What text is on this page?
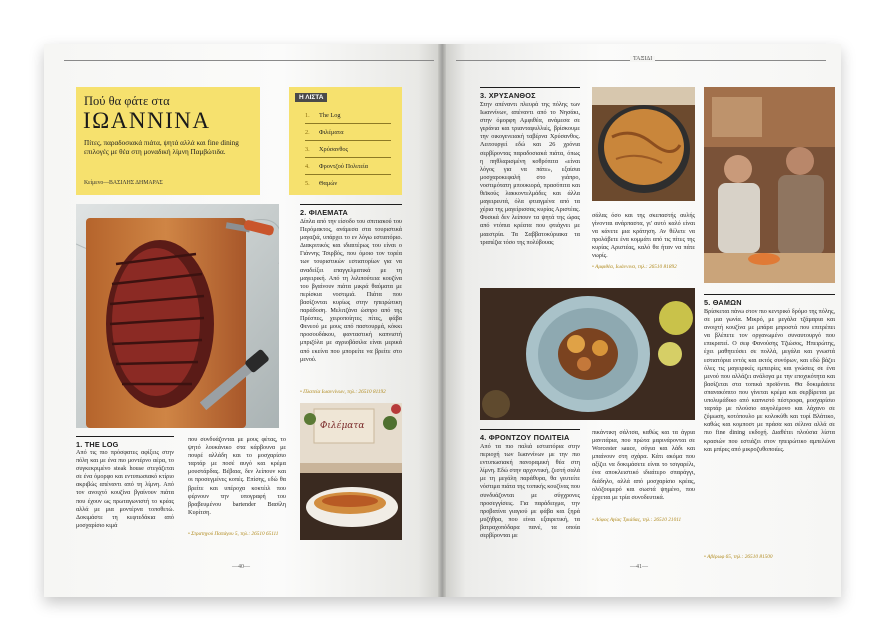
Πού θα φάτε στα
ΙΩΑΝΝΙΝΑ
Πίτες, παραδοσιακά πιάτα, ψητά αλλά και fine dining επιλογές με θέα στη μοναδική λίμνη Παμβώτιδα.
Κείμενο—ΒΑΣΙΛΗΣ ΔΗΜΑΡΑΣ
Η ΛΙΣΤΑ
1. The Log
2. Φιλέματα
3. Χρύσανθος
4. Φροντζού Πολιτεία
5. Θαμών
2. ΦΙΛΕΜΑΤΑ
Δίπλα από την είσοδο του σπιτιακού του Περόμακτος, ανάμεσα στα τουριστικά μαγαζιά, υπάρχει το εν λόγω εστιατόριο. Διακριτικός και ιδιαιτέρως του είναι ο Γιάννης Τσιρβός, που όμοιο τον τορέα των τουριστικών εστιατορίων για να αναδείξει επαγγελματικά με τη μαγειρική. Από τη λιλιπούτεια κουζίνα του βγαίνουν πιάτα μικρά θαύματα με περίσκια νοστιμιά. Πιάτα που βασίζονται κυρίως στην ηπειρώτικη παράδοση. Μελιτζάνα ώσπρο από της Πρέσπες, χειροποίητες πίτες, φάβα Φενεού με μους από παστουρμά, κόκκι προσουδάκου, φανταστική καπνιστή μπριζόλα με αγριοβάσιλα είναι μερικά από εκείνα που μπορείτε να βρείτε στο μενού.
• Πλατεία Ιωαννίνων, τηλ.: 26510 81192
Φιλέματα
1. THE LOG
Από τις πιο πρόσφατες αφίξεις στην πόλη και με ένα πιο μοντέρνο αέρα, το συγκεκριμένο steak house στεγάζεται σε ένα όμορφο και εντυπωσιακό κτίριο ακριβώς απέναντι από τη λίμνη. Από τον ανοιχτό κουζίνα βγαίνουν πιάτα που έχουν ως πρωταγωνιστή το κρέας αλλά με μια μοντέρνα τοποθετώ. Δοκιμάστε τη κεφτεδάκια από μοσχαρίσιο κιμά
που συνδυάζονται με μους φέτας, το ψητό λουκάνικο στα κάρβουνα με πουρέ αλλάδη και το μοσχαρίσιο ταρτάρ με ποσέ αυγό και κρέμα μουστάρδας. Βέβαια, δεν λείπουν και οι προσεγμένες κοπές. Επίσης, εδώ θα βρείτε και υπέροχα κοκτέιλ που φέρνουν την υπογραφή του βραβευμένου bartender Βασίλη Κυρίτση.
• Στρατηγού Παπάγου 5, τηλ.: 26510 65111
—40—
ΤΑΞΙΔΙ
3. ΧΡΥΣΑΝΘΟΣ
Στην απέναντι πλευρά της πόλης των Ιωαννίνων, απέναντι από το Νησάκι, στην όμορφη Αμφιθέα, ανάμεσα σε γεράνια και τριανταφυλλιές, βρίσκουμε την οικογενειακή ταβέρνα Χρύσανθος. Λειτουργεί εδώ και 26 χρόνια σερβίροντας παραδοσιακά πιάτα, όπως η πηθλαρισμένη κοθρόπιτα «είναι λόγος για να πάτε», εξαίσια μοσχαροκεφαλή στο γιάπρο, νοστιμότατη μπουκιορά, πρασόπιτα και θεϊκούς λακκοντελμάδες και άλλα μαγειρευτά, όλα φτιαγμένα από τα χέρια της μαγείρισσας κυρίας Αριστέας. Φυσικά δεν λείπουν τα ψητά της ώρας από ντόπια κρέατα που φτιάχνει με μαεστρία. Τα Σαββατοκύριακα τα τραπέζια τόσο της πολύβουας
σάλας όσο και της σκεπαστής αυλής γίνονται ανάρπαστα, γι' αυτό καλό είναι να κάνετε μια κράτηση. Αν θέλετε να προλάβετε ένα κομμάτι από τις πίτες της κυρίας Αριστέας, καλό θα ήταν να πάτε νωρίς.
• Αμφιθέα, Ιωάννινα, τηλ.: 26510 81892
4. ΦΡΟΝΤΖΟΥ ΠΟΛΙΤΕΙΑ
Από τα πιο παλιά εστιατόρια στην περιοχή των Ιωαννίνων με την πιο εντυπωσιακή πανοραμική θέα στη λίμνη. Εδώ στην αρχοντική, ζεστή σαλά με τη μεγάλη παράθυρα, θα γευτείτε νόστιμα πιάτα της τοπικής κουζίνας που συνδυάζονται με σύγχρονες προσεγγίσεις. Για παράδειγμα, την προβατίνα γιαγιού με φάβα και ξηρά μυζήθρα, που είναι εξαιρετική, τα βατραχοπόδαρα πανέ, τα οποία σερβίρονται με
πικάντικη σάλτσα, καθώς και τα άγρια μανιτάρια, που πρώτα μαρινάρονται σε Worcester sauce, σόγια και λάδι και μπαίνουν στη σχάρα. Κάτι ακόμα που αξίζει να δοκιμάσετε είναι το τσιγαρέλι, ένα αποκλειστικό ιδιαίτερο σπαράγγι, διάδηλο, αλλά από μοσχαρίσιο κρέας, ολόζουμερό και σωστά ψημένο, που έρχεται με τρία συνοδευτικά.
• Λόφος Αγίας Τριάδας, τηλ.: 26510 21011
5. ΘΑΜΩΝ
Βρίσκεται πάνω στον πιο κεντρικό δρόμο της πόλης, σε μια γωνία. Μικρό, με μεγάλα τζάμαρια και ανοιχτή κουζίνα με μπάρα μπροστά που επιτρέπει να βλέπετε τον οργανωμένο συναυτουργό που επικρατεί. Ο σεφ Φανούσης Τζιώσος, Ηπειρώτης, έχει μαθητεύσει σε πολλά, μεγάλα και γνωστά εστιατόρια εντός και εκτός συνόρων, και εδώ βάζει όλες τις μαγειρικές εμπειρίες και γνώσεις σε ένα μενού που αλλάζει ανάλογα με την εποχικότητα και βασίζεται στα τοπικά προϊόντα. Θα δοκιμάσετε σπανακόπιτο που γίνεται κρέμα και σερβίρεται με υπολυμάδικο από καπνιστό πέστροφα, μοσχαρίσιο ταρτάρ με πλούσιο αυγολέμονο και λάχανο σε ζύμωση, κοτόπουλο με κολοκύθι και τυρί Βλάτικο, καθώς και κομποστ με πράσα και σέλινα αλλά σε πιο fine dining εκδοχή. Διαθέτει πλούσια λίστα κρασιών που εστιάζει στον ηπειρώτικο αμπελώνα και μπίρες από μικροζυθοποιίες.
• Αβέρωφ 65, τηλ.: 26510 81500
—41—
